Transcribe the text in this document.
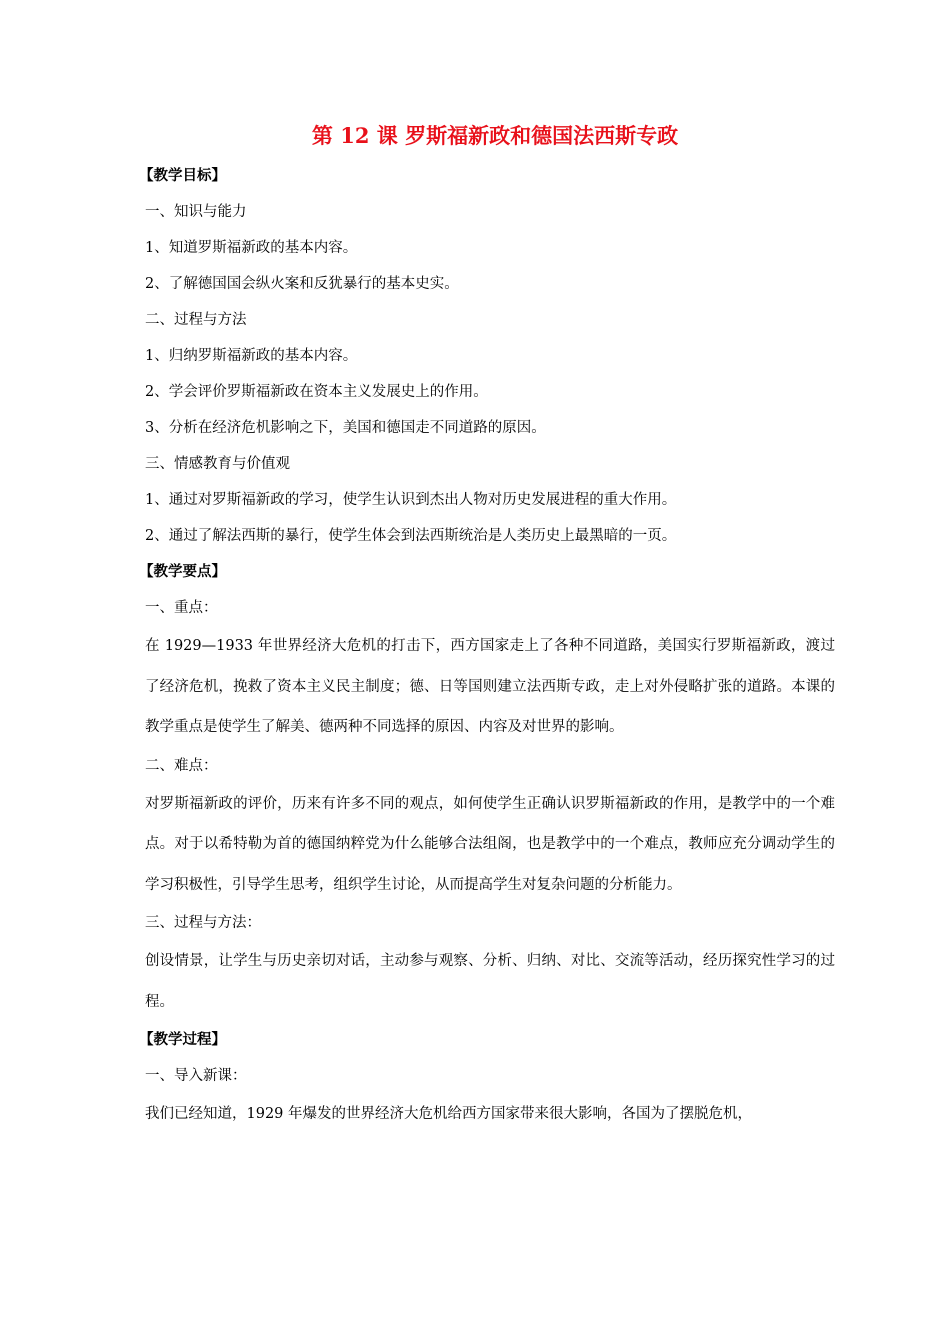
第 12 课 罗斯福新政和德国法西斯专政
【教学目标】
一、知识与能力
1、知道罗斯福新政的基本内容。
2、了解德国国会纵火案和反犹暴行的基本史实。
二、过程与方法
1、归纳罗斯福新政的基本内容。
2、学会评价罗斯福新政在资本主义发展史上的作用。
3、分析在经济危机影响之下，美国和德国走不同道路的原因。
三、情感教育与价值观
1、通过对罗斯福新政的学习，使学生认识到杰出人物对历史发展进程的重大作用。
2、通过了解法西斯的暴行，使学生体会到法西斯统治是人类历史上最黑暗的一页。
【教学要点】
一、重点：
在 1929—1933 年世界经济大危机的打击下，西方国家走上了各种不同道路，美国实行罗斯福新政，渡过了经济危机，挽救了资本主义民主制度；德、日等国则建立法西斯专政，走上对外侵略扩张的道路。本课的教学重点是使学生了解美、德两种不同选择的原因、内容及对世界的影响。
二、难点：
对罗斯福新政的评价，历来有许多不同的观点，如何使学生正确认识罗斯福新政的作用，是教学中的一个难点。对于以希特勒为首的德国纳粹党为什么能够合法组阁，也是教学中的一个难点，教师应充分调动学生的学习积极性，引导学生思考，组织学生讨论，从而提高学生对复杂问题的分析能力。
三、过程与方法：
创设情景，让学生与历史亲切对话，主动参与观察、分析、归纳、对比、交流等活动，经历探究性学习的过程。
【教学过程】
一、导入新课：
我们已经知道，1929 年爆发的世界经济大危机给西方国家带来很大影响，各国为了摆脱危机，
